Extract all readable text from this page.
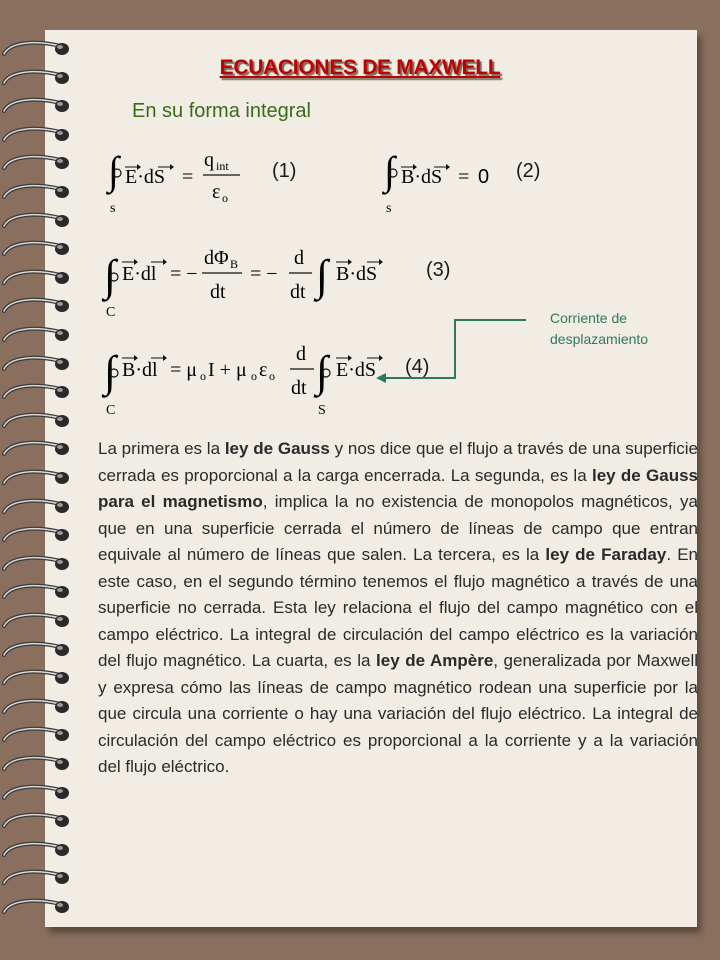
ECUACIONES DE MAXWELL
En su forma integral
∫
s
E·dS =
q int
ε o
(1) ∫
s
B·dS = 0 (2)
∫
C
E·dl = −
dΦ B
dt
= −
d
dt ∫ B·dS (3)
Corriente de
desplazamiento
∫
C
B·dl = μ o I + μ o ε o
d
dt ∫
S
E·dS (4)
La primera es la ley de Gauss y nos dice que el flujo a través de una superficie cerrada es proporcional a la carga encerrada. La segunda, es la ley de Gauss para el magnetismo, implica la no existencia de monopolos magnéticos, ya que en una superficie cerrada el número de líneas de campo que entran equivale al número de líneas que salen. La tercera, es la ley de Faraday. En este caso, en el segundo término tenemos el flujo magnético a través de una superficie no cerrada. Esta ley relaciona el flujo del campo magnético con el campo eléctrico. La integral de circulación del campo eléctrico es la variación del flujo magnético. La cuarta, es la ley de Ampère, generalizada por Maxwell y expresa cómo las líneas de campo magnético rodean una superficie por la que circula una corriente o hay una variación del flujo eléctrico. La integral de circulación del campo eléctrico es proporcional a la corriente y a la variación del flujo eléctrico.
